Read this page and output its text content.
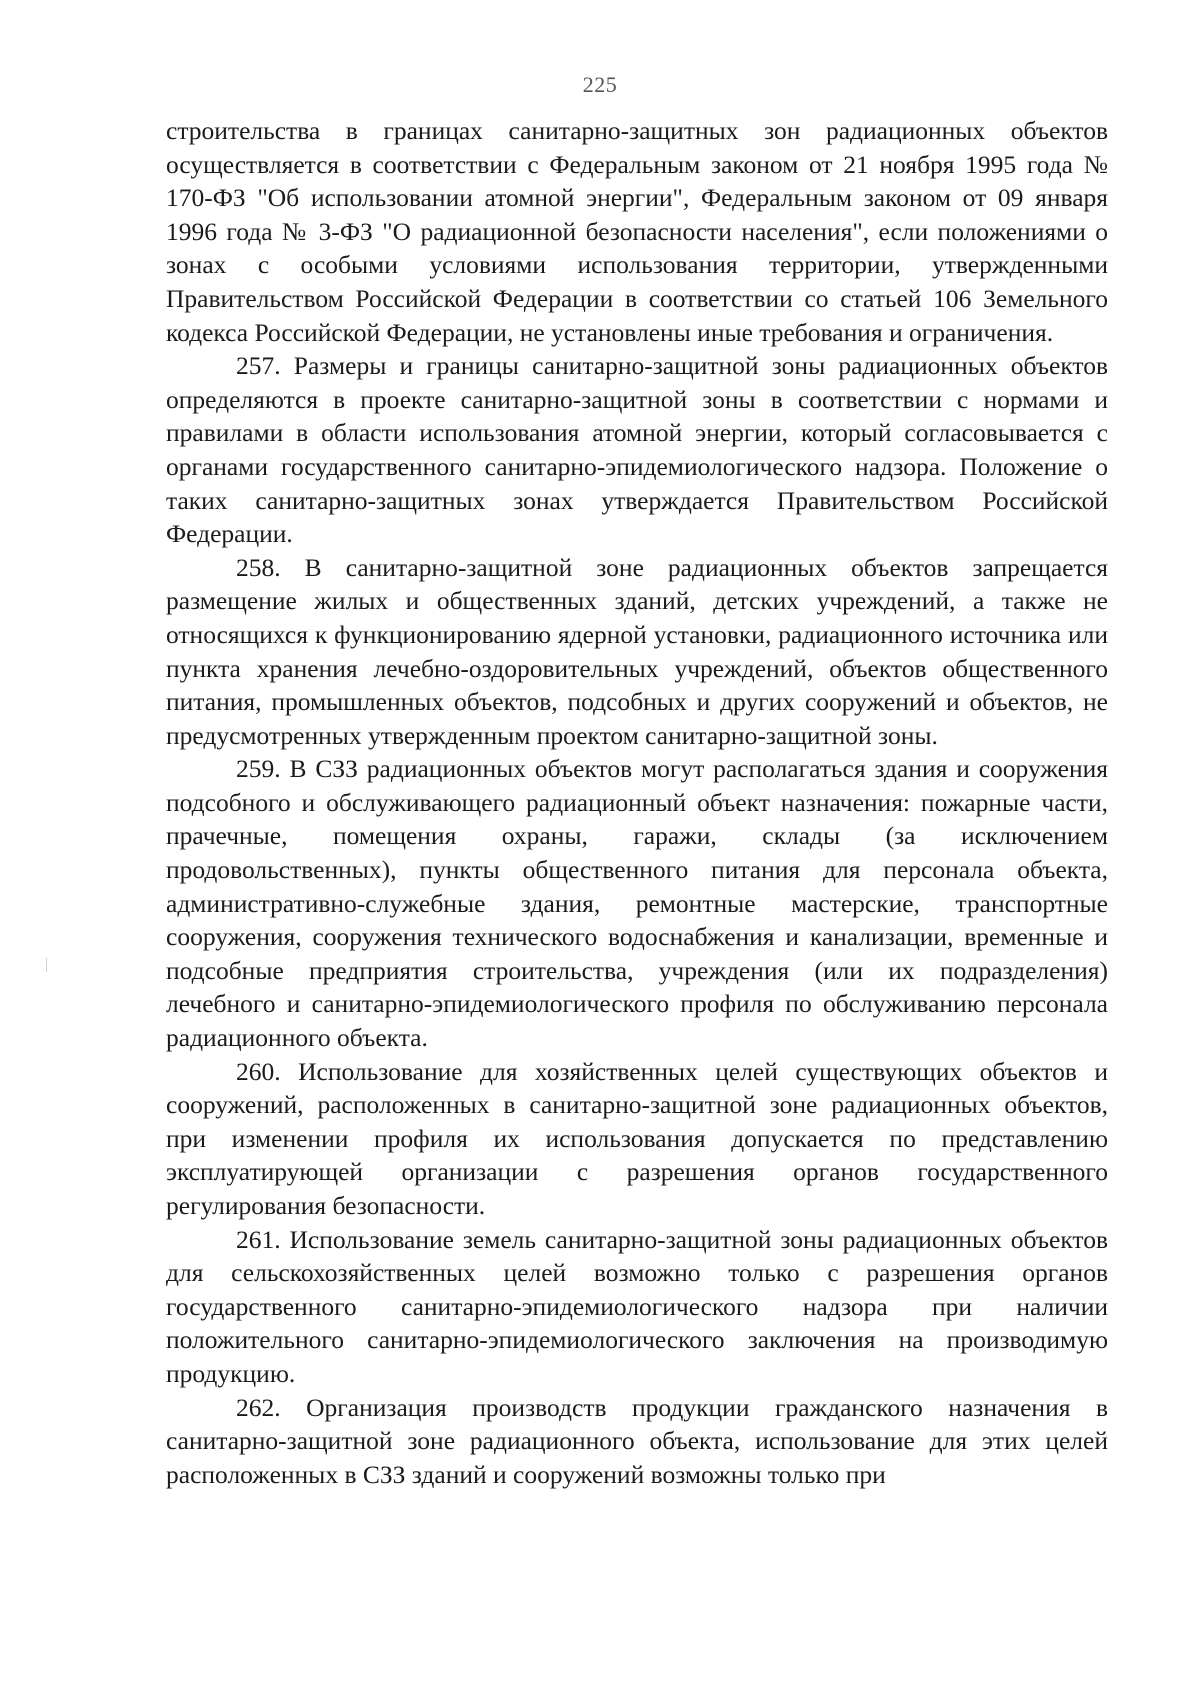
225

строительства в границах санитарно-защитных зон радиационных объектов осуществляется в соответствии с Федеральным законом от 21 ноября 1995 года № 170-ФЗ "Об использовании атомной энергии", Федеральным законом от 09 января 1996 года № 3-ФЗ "О радиационной безопасности населения", если положениями о зонах с особыми условиями использования территории, утвержденными Правительством Российской Федерации в соответствии со статьей 106 Земельного кодекса Российской Федерации, не установлены иные требования и ограничения.

257. Размеры и границы санитарно-защитной зоны радиационных объектов определяются в проекте санитарно-защитной зоны в соответствии с нормами и правилами в области использования атомной энергии, который согласовывается с органами государственного санитарно-эпидемиологического надзора. Положение о таких санитарно-защитных зонах утверждается Правительством Российской Федерации.

258. В санитарно-защитной зоне радиационных объектов запрещается размещение жилых и общественных зданий, детских учреждений, а также не относящихся к функционированию ядерной установки, радиационного источника или пункта хранения лечебно-оздоровительных учреждений, объектов общественного питания, промышленных объектов, подсобных и других сооружений и объектов, не предусмотренных утвержденным проектом санитарно-защитной зоны.

259. В СЗЗ радиационных объектов могут располагаться здания и сооружения подсобного и обслуживающего радиационный объект назначения: пожарные части, прачечные, помещения охраны, гаражи, склады (за исключением продовольственных), пункты общественного питания для персонала объекта, административно-служебные здания, ремонтные мастерские, транспортные сооружения, сооружения технического водоснабжения и канализации, временные и подсобные предприятия строительства, учреждения (или их подразделения) лечебного и санитарно-эпидемиологического профиля по обслуживанию персонала радиационного объекта.

260. Использование для хозяйственных целей существующих объектов и сооружений, расположенных в санитарно-защитной зоне радиационных объектов, при изменении профиля их использования допускается по представлению эксплуатирующей организации с разрешения органов государственного регулирования безопасности.

261. Использование земель санитарно-защитной зоны радиационных объектов для сельскохозяйственных целей возможно только с разрешения органов государственного санитарно-эпидемиологического надзора при наличии положительного санитарно-эпидемиологического заключения на производимую продукцию.

262. Организация производств продукции гражданского назначения в санитарно-защитной зоне радиационного объекта, использование для этих целей расположенных в СЗЗ зданий и сооружений возможны только при
